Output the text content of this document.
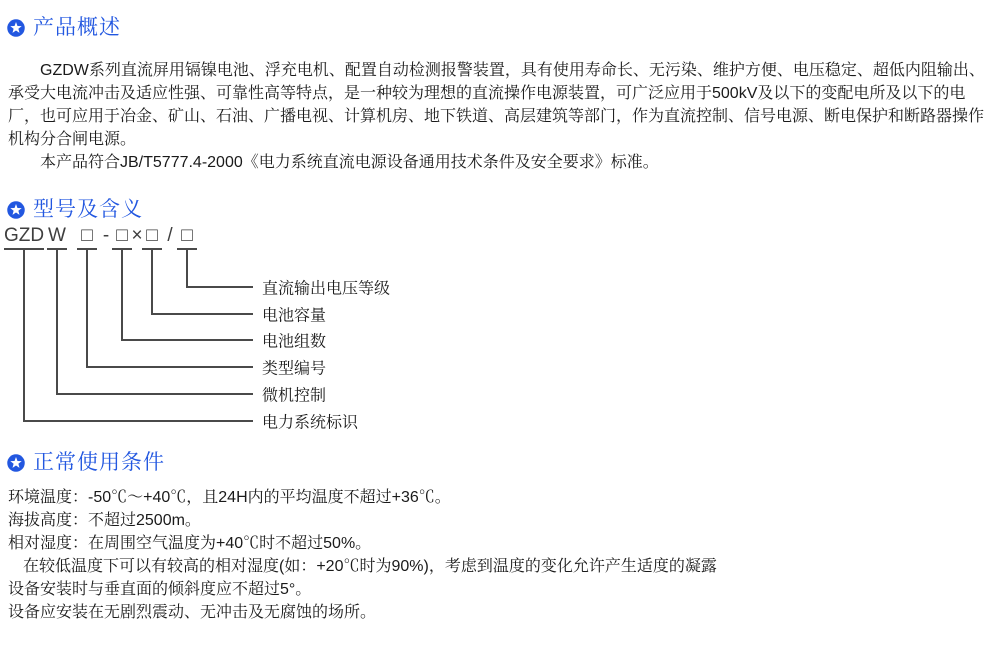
产品概述

GZDW系列直流屏用镉镍电池、浮充电机、配置自动检测报警装置，具有使用寿命长、无污染、维护方便、电压稳定、超低内阻输出、承受大电流冲击及适应性强、可靠性高等特点，是一种较为理想的直流操作电源装置，可广泛应用于500kV及以下的变配电所及以下的电厂，也可应用于冶金、矿山、石油、广播电视、计算机房、地下铁道、高层建筑等部门，作为直流控制、信号电源、断电保护和断路器操作机构分合闸电源。

本产品符合JB/T5777.4-2000《电力系统直流电源设备通用技术条件及安全要求》标准。

型号及含义
GZD W □ - □ × □ / □
直流输出电压等级
电池容量
电池组数
类型编号
微机控制
电力系统标识
正常使用条件
环境温度：-50℃～+40℃，且24H内的平均温度不超过+36℃。
海拔高度：不超过2500m。
相对湿度：在周围空气温度为+40℃时不超过50%。
在较低温度下可以有较高的相对湿度(如：+20℃时为90%)，考虑到温度的变化允许产生适度的凝露
设备安装时与垂直面的倾斜度应不超过5°。
设备应安装在无剧烈震动、无冲击及无腐蚀的场所。
